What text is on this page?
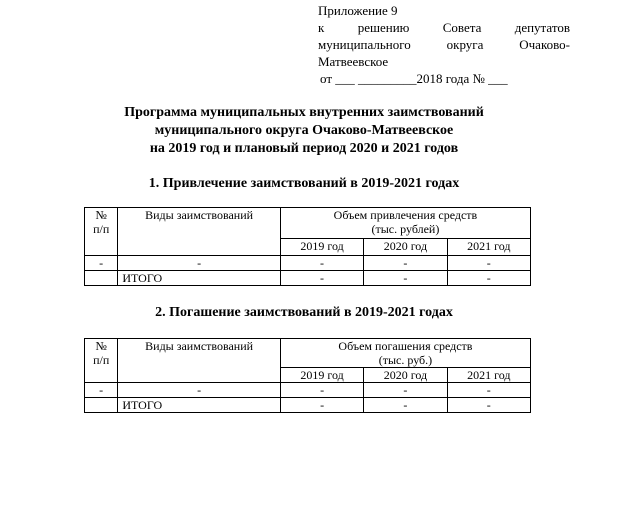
Приложение 9
к	решению	Совета	депутатов
муниципального	округа	Очаково-
Матвеевское
от ___ _________2018 года № ___
Программа муниципальных внутренних заимствований
муниципального округа Очаково-Матвеевское
на 2019 год и плановый период 2020 и 2021 годов
1. Привлечение заимствований в 2019-2021 годах
№
п/п	Виды заимствований	Объем привлечения средств
(тыс. рублей)		
		2019 год	2020 год	2021 год
-	-	-	-	-
	ИТОГО	-	-	-
2. Погашение заимствований в 2019-2021 годах
№
п/п	Виды заимствований	Объем погашения средств
(тыс. руб.)		
		2019 год	2020 год	2021 год
-	-	-	-	-
	ИТОГО	-	-	-
